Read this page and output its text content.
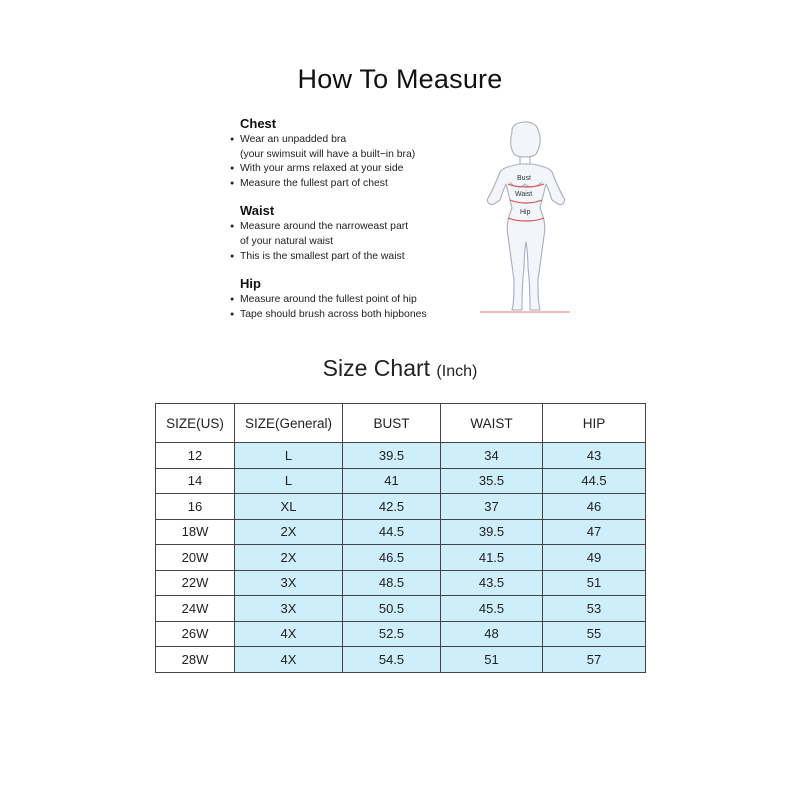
How To Measure
Chest
● Wear an unpadded bra
(your swimsuit will have a built−in bra)
● With your arms relaxed at your side
● Measure the fullest part of chest
Waist
● Measure around the narroweast part
of your natural waist
● This is the smallest part of the waist
Hip
● Measure around the fullest point of hip
● Tape should brush across both hipbones
Bust
Waist
Hip
Size Chart (Inch)
SIZE(US)	SIZE(General)	BUST	WAIST	HIP
12	L	39.5	34	43
14	L	41	35.5	44.5
16	XL	42.5	37	46
18W	2X	44.5	39.5	47
20W	2X	46.5	41.5	49
22W	3X	48.5	43.5	51
24W	3X	50.5	45.5	53
26W	4X	52.5	48	55
28W	4X	54.5	51	57
